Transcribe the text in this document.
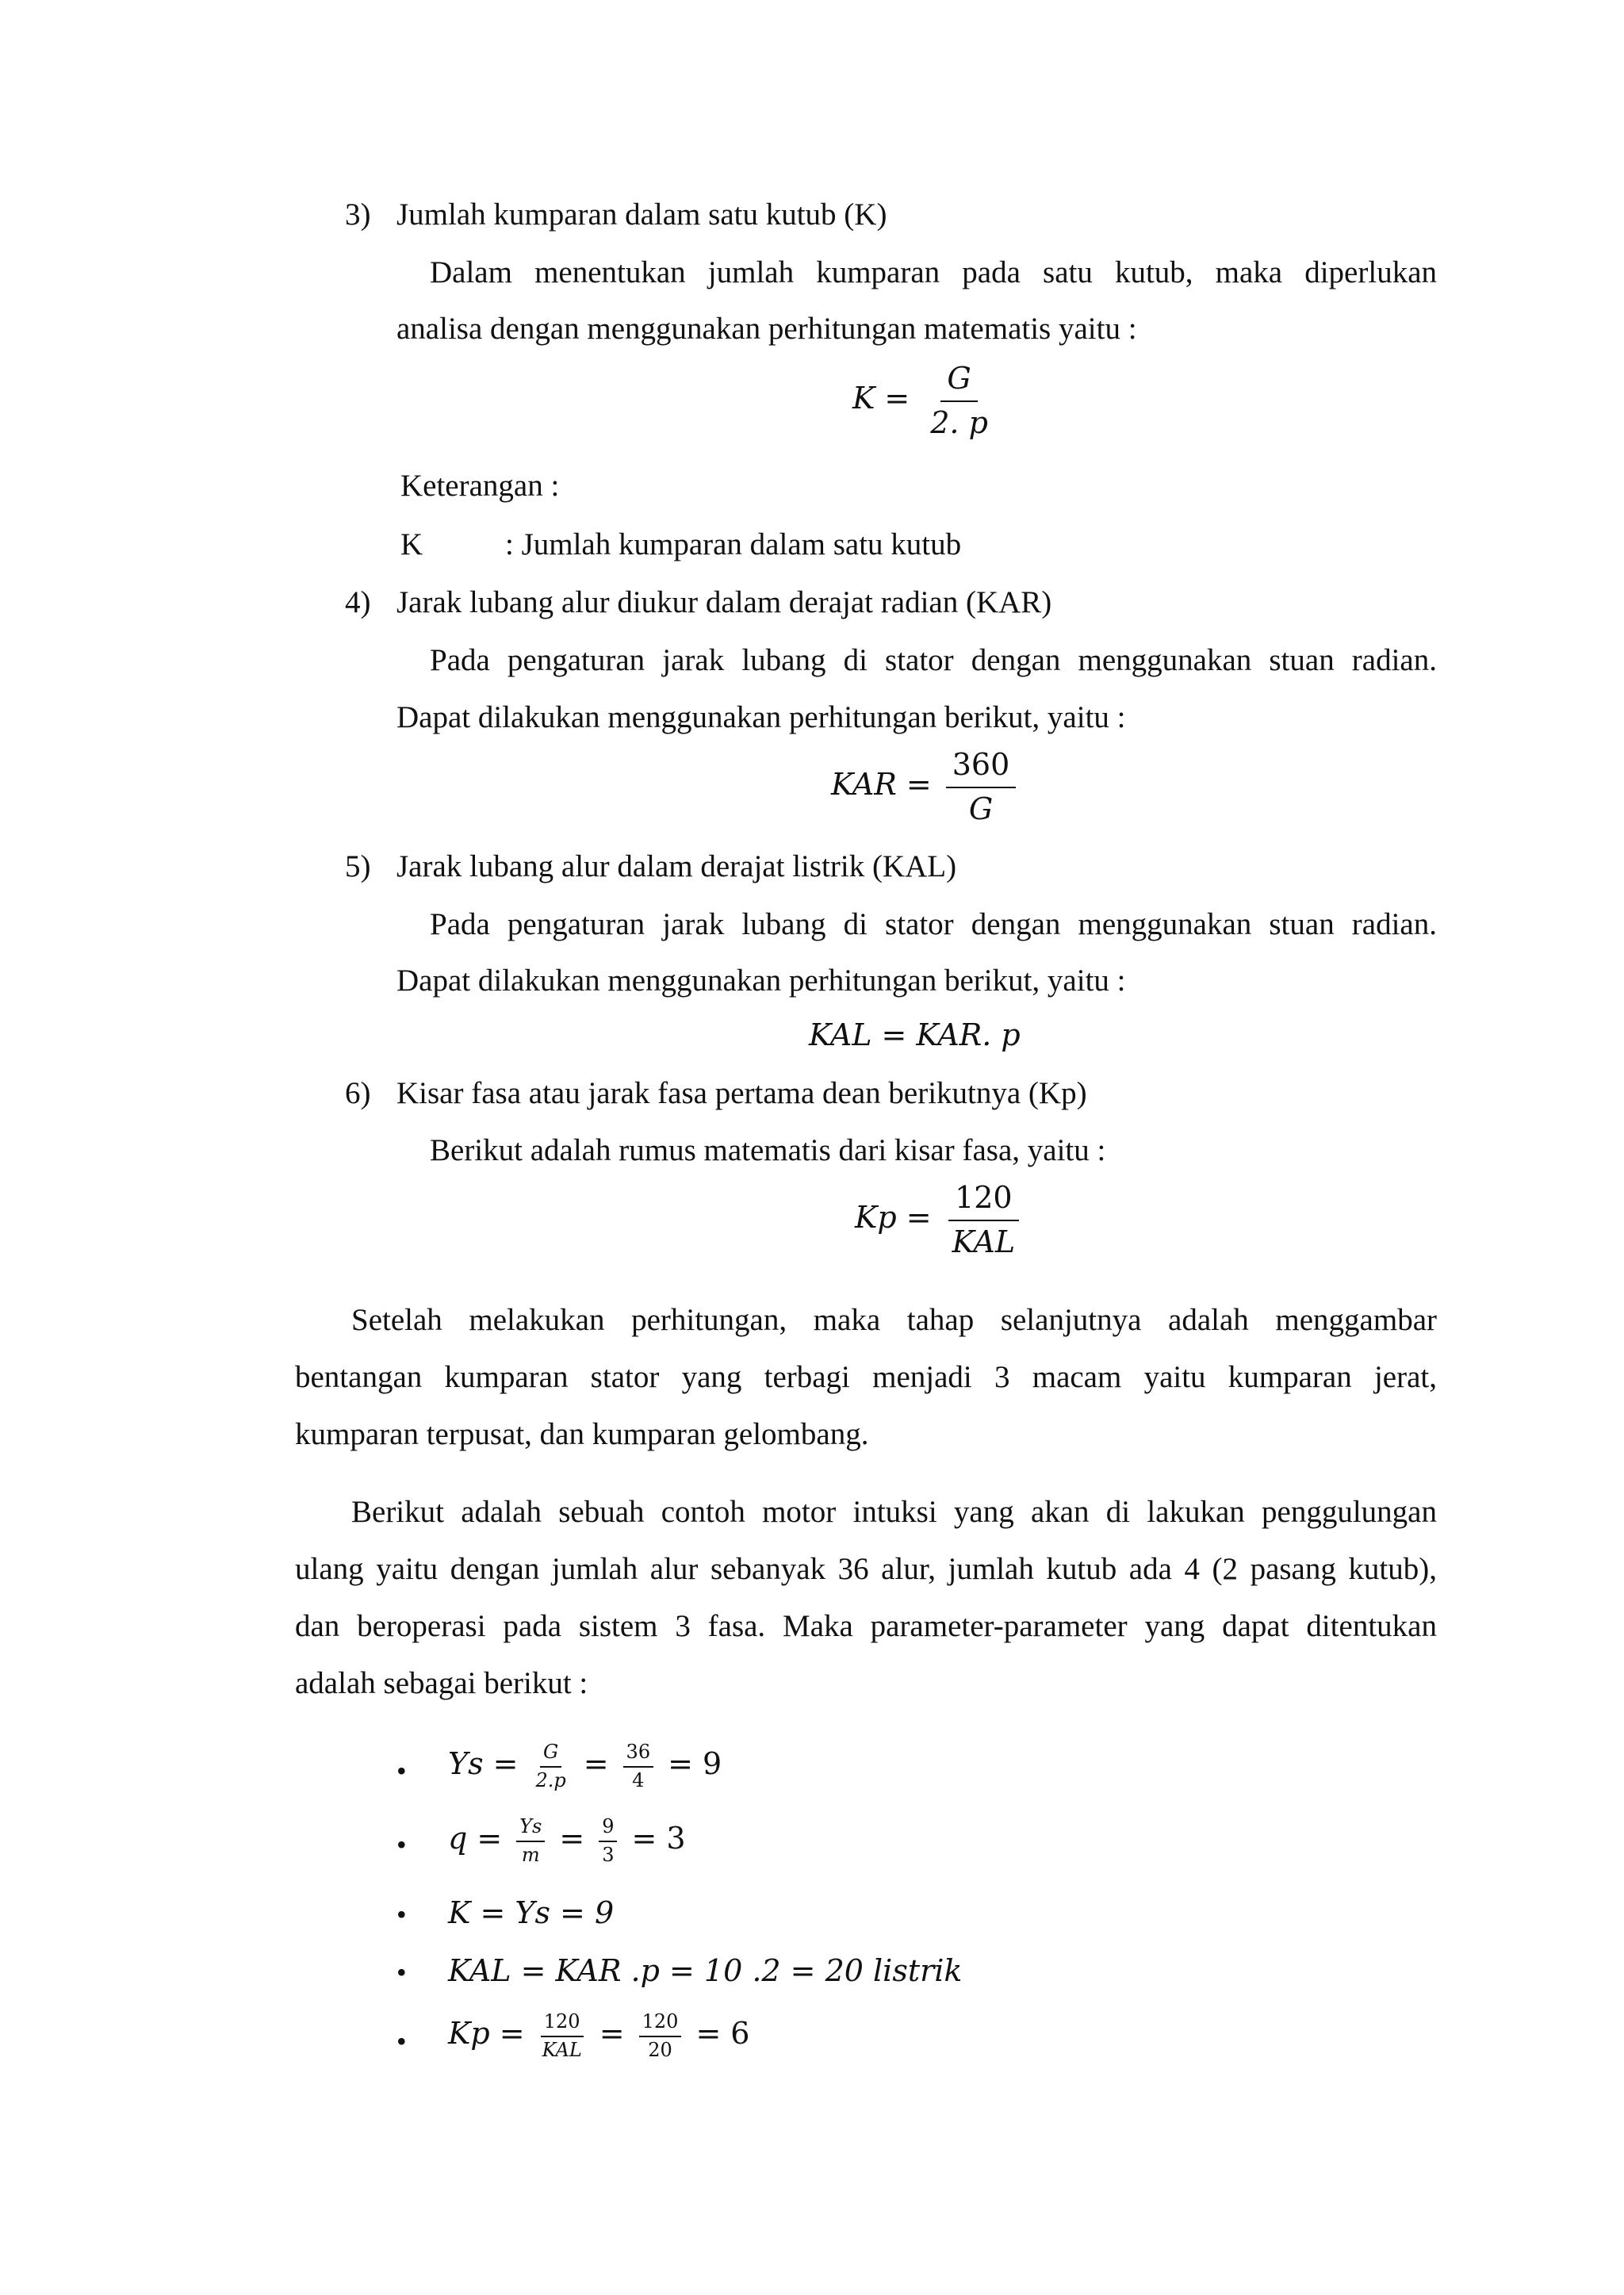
3) Jumlah kumparan dalam satu kutub (K)
Dalam menentukan jumlah kumparan pada satu kutub, maka diperlukan
analisa dengan menggunakan perhitungan matematis yaitu :
$K = \frac{G}{2. p}$
Keterangan :
K	: Jumlah kumparan dalam satu kutub
4) Jarak lubang alur diukur dalam derajat radian (KAR)
Pada pengaturan jarak lubang di stator dengan menggunakan stuan radian.
Dapat dilakukan menggunakan perhitungan berikut, yaitu :
KAR = $\frac{360}{G}$
5) Jarak lubang alur dalam derajat listrik (KAL)
Pada pengaturan jarak lubang di stator dengan menggunakan stuan radian.
Dapat dilakukan menggunakan perhitungan berikut, yaitu :
KAL = KAR. p
6) Kisar fasa atau jarak fasa pertama dean berikutnya (Kp)
Berikut adalah rumus matematis dari kisar fasa, yaitu :
$Kp = \frac{120}{\text{KAL}}$
Setelah melakukan perhitungan, maka tahap selanjutnya adalah menggambar
bentangan kumparan stator yang terbagi menjadi 3 macam yaitu kumparan jerat,
kumparan terpusat, dan kumparan gelombang.
Berikut adalah sebuah contoh motor intuksi yang akan di lakukan penggulungan
ulang yaitu dengan jumlah alur sebanyak 36 alur, jumlah kutub ada 4 (2 pasang kutub),
dan beroperasi pada sistem 3 fasa. Maka parameter-parameter yang dapat ditentukan
adalah sebagai berikut :
• $Ys = \frac{G}{2.p} = \frac{36}{4} = 9$
• $q = \frac{Ys}{m} = \frac{9}{3} = 3$
• K = Ys = 9
• KAL = KAR .p = 10 .2 = 20 listrik
• Kp = 120
KAL = $\frac{120}{20} = 6$
